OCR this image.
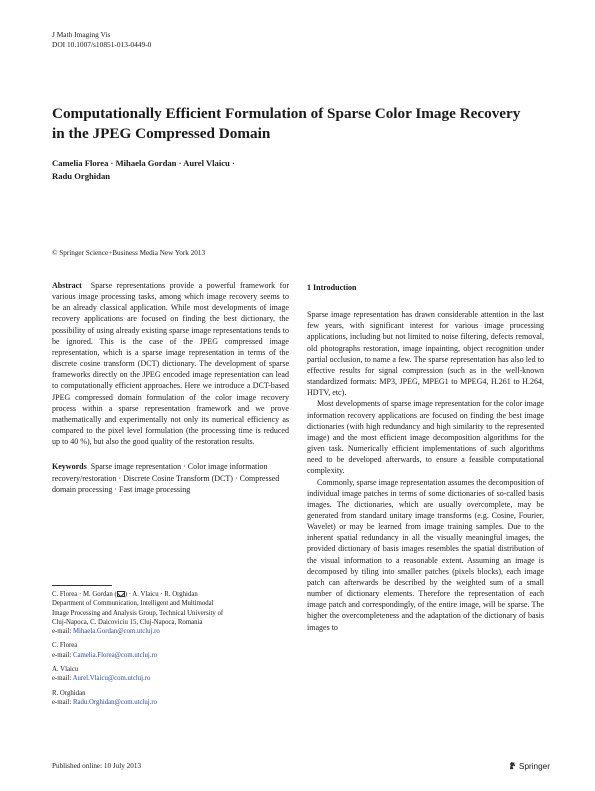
J Math Imaging Vis
DOI 10.1007/s10851-013-0449-0
Computationally Efficient Formulation of Sparse Color Image Recovery in the JPEG Compressed Domain
Camelia Florea · Mihaela Gordan · Aurel Vlaicu ·
Radu Orghidan
© Springer Science+Business Media New York 2013
Abstract Sparse representations provide a powerful framework for various image processing tasks, among which image recovery seems to be an already classical application. While most developments of image recovery applications are focused on finding the best dictionary, the possibility of using already existing sparse image representations tends to be ignored. This is the case of the JPEG compressed image representation, which is a sparse image representation in terms of the discrete cosine transform (DCT) dictionary. The development of sparse frameworks directly on the JPEG encoded image representation can lead to computationally efficient approaches. Here we introduce a DCT-based JPEG compressed domain formulation of the color image recovery process within a sparse representation framework and we prove mathematically and experimentally not only its numerical efficiency as compared to the pixel level formulation (the processing time is reduced up to 40 %), but also the good quality of the restoration results.
Keywords Sparse image representation · Color image information recovery/restoration · Discrete Cosine Transform (DCT) · Compressed domain processing · Fast image processing
C. Florea · M. Gordan ( ) · A. Vlaicu · R. Orghidan
Department of Communication, Intelligent and Multimodal
Image Processing and Analysis Group, Technical University of
Cluj-Napoca, C. Daicoviciu 15, Cluj-Napoca, Romania
e-mail: Mihaela.Gordan@com.utcluj.ro
C. Florea
e-mail: Camelia.Florea@com.utcluj.ro
A. Vlaicu
e-mail: Aurel.Vlaicu@com.utcluj.ro
R. Orghidan
e-mail: Radu.Orghidan@com.utcluj.ro
1 Introduction

Sparse image representation has drawn considerable attention in the last few years, with significant interest for various image processing applications, including but not limited to noise filtering, defects removal, old photographs restoration, image inpainting, object recognition under partial occlusion, to name a few. The sparse representation has also led to effective results for signal compression (such as in the well-known standardized formats: MP3, JPEG, MPEG1 to MPEG4, H.261 to H.264, HDTV, etc).

Most developments of sparse image representation for the color image information recovery applications are focused on finding the best image dictionaries (with high redundancy and high similarity to the represented image) and the most efficient image decomposition algorithms for the given task. Numerically efficient implementations of such algorithms need to be developed afterwards, to ensure a feasible computational complexity.

Commonly, sparse image representation assumes the decomposition of individual image patches in terms of some dictionaries of so-called basis images. The dictionaries, which are usually overcomplete, may be generated from standard unitary image transforms (e.g. Cosine, Fourier, Wavelet) or may be learned from image training samples. Due to the inherent spatial redundancy in all the visually meaningful images, the provided dictionary of basis images resembles the spatial distribution of the visual information to a reasonable extent. Assuming an image is decomposed by tiling into smaller patches (pixels blocks), each image patch can afterwards be described by the weighted sum of a small number of dictionary elements. Therefore the representation of each image patch and correspondingly, of the entire image, will be sparse. The higher the overcompleteness and the adaptation of the dictionary of basis images to

Published online: 10 July 2013	Springer
